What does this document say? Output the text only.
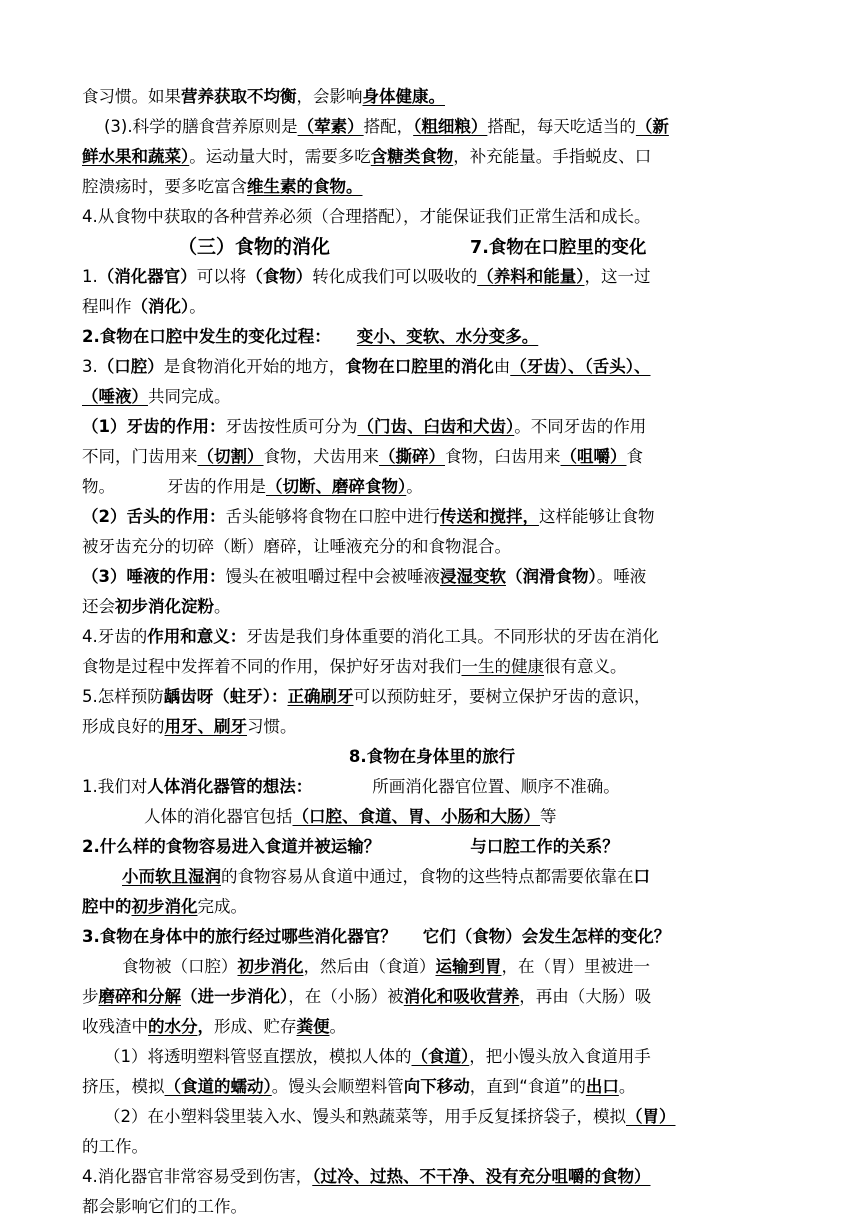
食习惯。如果营养获取不均衡，会影响身体健康。
(3).科学的膳食营养原则是（荤素）搭配，（粗细粮）搭配，每天吃适当的（新
鲜水果和蔬菜）。运动量大时，需要多吃含糖类食物，补充能量。手指蜕皮、口
腔溃疡时，要多吃富含维生素的食物。
4.从食物中获取的各种营养必须（合理搭配），才能保证我们正常生活和成长。
（三）食物的消化	7.食物在口腔里的变化
1.（消化器官）可以将（食物）转化成我们可以吸收的（养料和能量），这一过
程叫作（消化）。
2.食物在口腔中发生的变化过程： 变小、变软、水分变多。
3.（口腔）是食物消化开始的地方，食物在口腔里的消化由（牙齿）、（舌头）、
（唾液）共同完成。
（1）牙齿的作用：牙齿按性质可分为（门齿、臼齿和犬齿）。不同牙齿的作用
不同，门齿用来（切割）食物，犬齿用来（撕碎）食物，臼齿用来（咀嚼）食
物。	牙齿的作用是（切断、磨碎食物）。
（2）舌头的作用：舌头能够将食物在口腔中进行传送和搅拌，这样能够让食物
被牙齿充分的切碎（断）磨碎，让唾液充分的和食物混合。
（3）唾液的作用：馒头在被咀嚼过程中会被唾液浸湿变软（润滑食物）。唾液
还会初步消化淀粉。
4.牙齿的作用和意义：牙齿是我们身体重要的消化工具。不同形状的牙齿在消化
食物是过程中发挥着不同的作用，保护好牙齿对我们一生的健康很有意义。
5.怎样预防龋齿呀（蛀牙）：正确刷牙可以预防蛀牙，要树立保护牙齿的意识，
形成良好的用牙、刷牙习惯。
8.食物在身体里的旅行
1.我们对人体消化器管的想法：	所画消化器官位置、顺序不准确。
人体的消化器官包括（口腔、食道、胃、小肠和大肠）等
2.什么样的食物容易进入食道并被运输？	与口腔工作的关系？
小而软且湿润的食物容易从食道中通过，食物的这些特点都需要依靠在口
腔中的初步消化完成。
3.食物在身体中的旅行经过哪些消化器官？ 它们（食物）会发生怎样的变化？
食物被（口腔）初步消化，然后由（食道）运输到胃，在（胃）里被进一
步磨碎和分解（进一步消化），在（小肠）被消化和吸收营养，再由（大肠）吸
收残渣中的水分，形成、贮存粪便。
（1）将透明塑料管竖直摆放，模拟人体的（食道），把小馒头放入食道用手
挤压，模拟（食道的蠕动）。馒头会顺塑料管向下移动，直到“食道”的出口。
（2）在小塑料袋里装入水、馒头和熟蔬菜等，用手反复揉挤袋子，模拟（胃）
的工作。
4.消化器官非常容易受到伤害，（过冷、过热、不干净、没有充分咀嚼的食物）
都会影响它们的工作。
